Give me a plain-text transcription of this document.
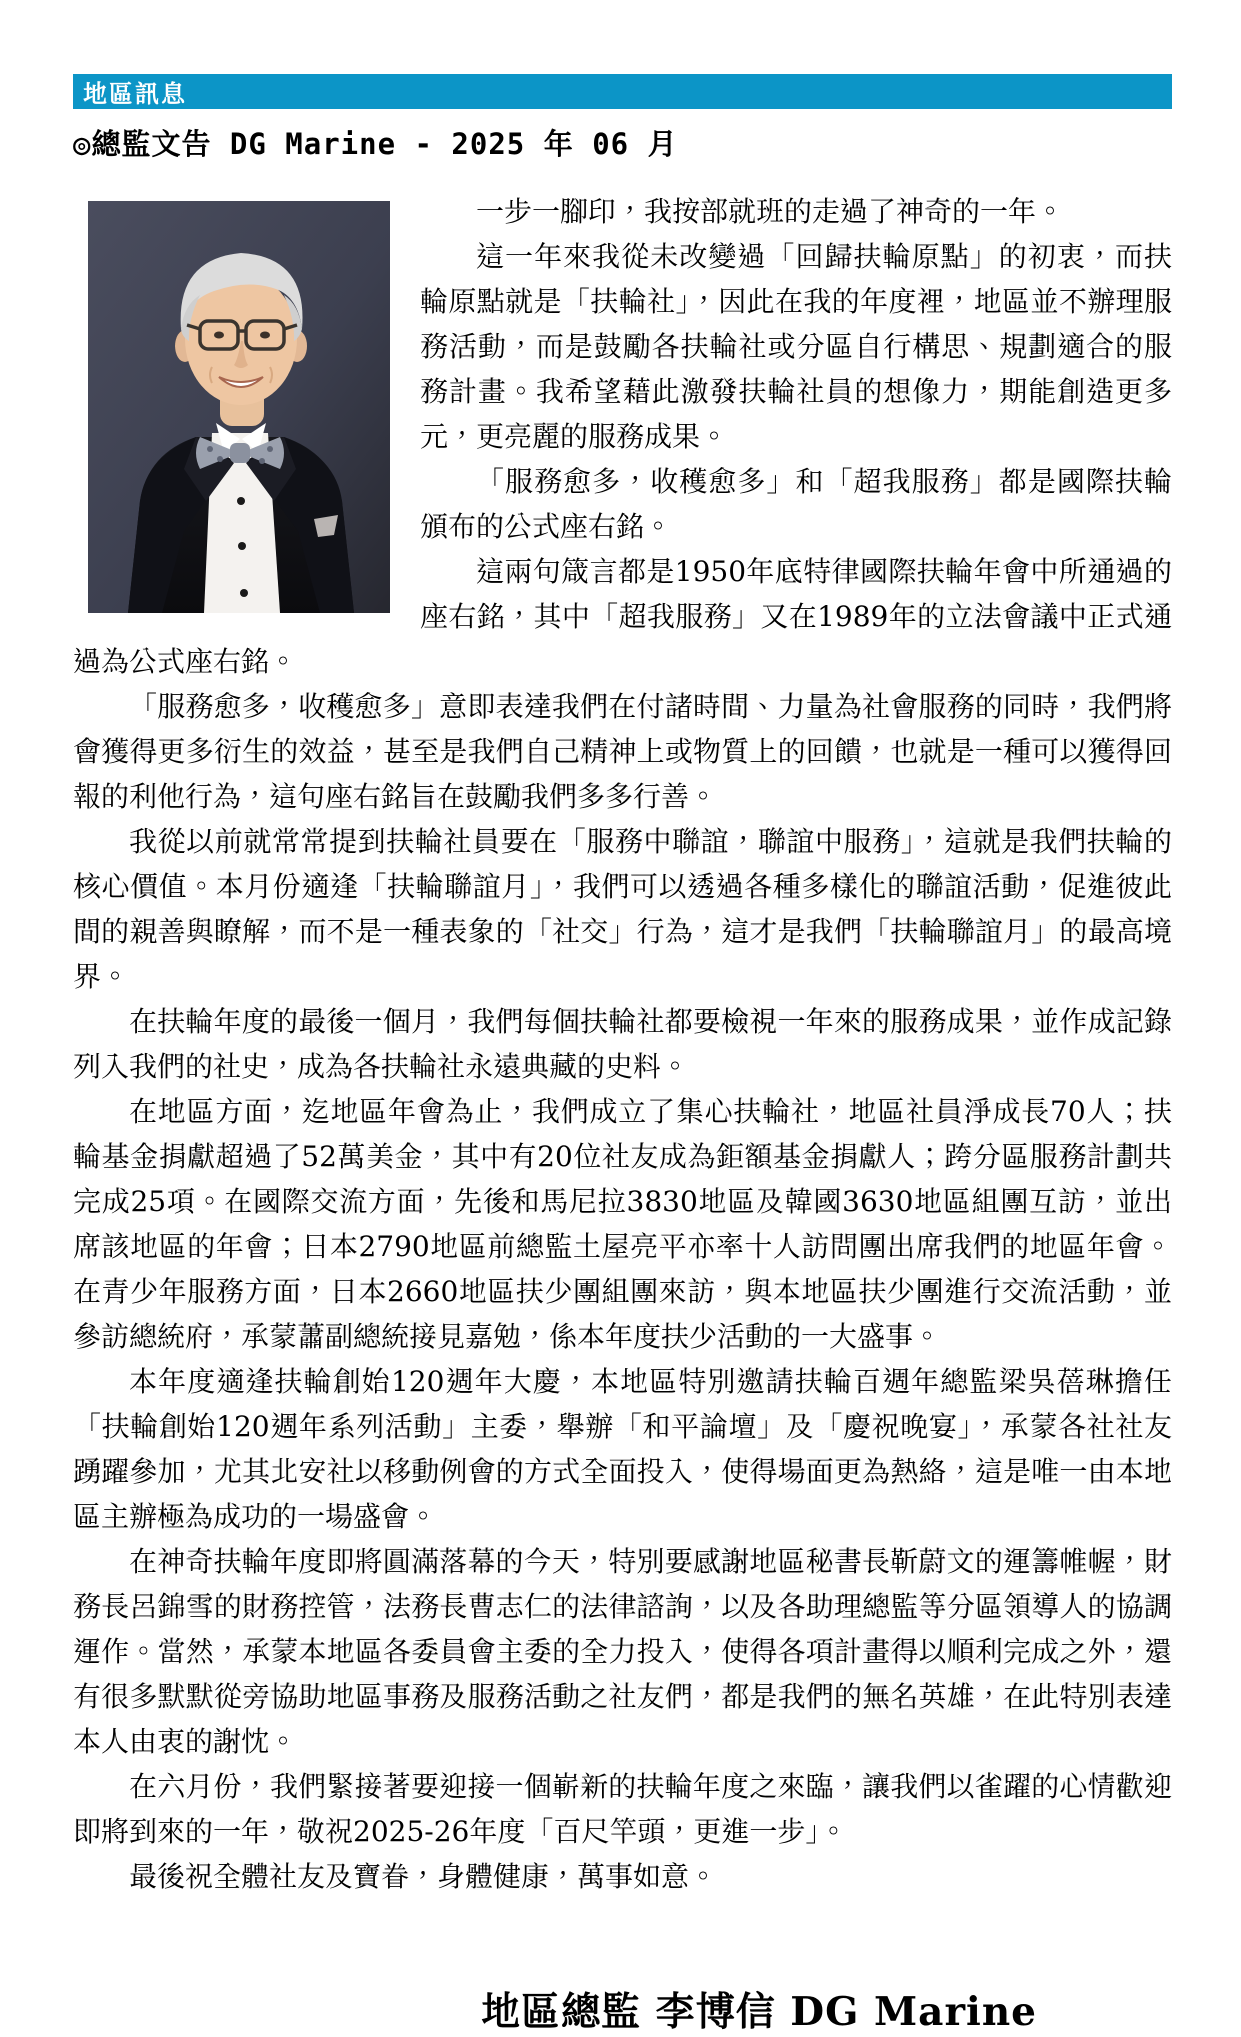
地區訊息
◎總監文告 DG Marine - 2025 年 06 月

一步一腳印，我按部就班的走過了神奇的一年。

這一年來我從未改變過「回歸扶輪原點」的初衷，而扶輪原點就是「扶輪社」，因此在我的年度裡，地區並不辦理服務活動，而是鼓勵各扶輪社或分區自行構思、規劃適合的服務計畫。我希望藉此激發扶輪社員的想像力，期能創造更多元，更亮麗的服務成果。

「服務愈多，收穫愈多」和「超我服務」都是國際扶輪頒布的公式座右銘。

這兩句箴言都是1950年底特律國際扶輪年會中所通過的座右銘，其中「超我服務」又在1989年的立法會議中正式通過為公式座右銘。

「服務愈多，收穫愈多」意即表達我們在付諸時間、力量為社會服務的同時，我們將會獲得更多衍生的效益，甚至是我們自己精神上或物質上的回饋，也就是一種可以獲得回報的利他行為，這句座右銘旨在鼓勵我們多多行善。

我從以前就常常提到扶輪社員要在「服務中聯誼，聯誼中服務」，這就是我們扶輪的核心價值。本月份適逢「扶輪聯誼月」，我們可以透過各種多樣化的聯誼活動，促進彼此間的親善與瞭解，而不是一種表象的「社交」行為，這才是我們「扶輪聯誼月」的最高境界。

在扶輪年度的最後一個月，我們每個扶輪社都要檢視一年來的服務成果，並作成記錄列入我們的社史，成為各扶輪社永遠典藏的史料。

在地區方面，迄地區年會為止，我們成立了集心扶輪社，地區社員淨成長70人；扶輪基金捐獻超過了52萬美金，其中有20位社友成為鉅額基金捐獻人；跨分區服務計劃共完成25項。在國際交流方面，先後和馬尼拉3830地區及韓國3630地區組團互訪，並出席該地區的年會；日本2790地區前總監土屋亮平亦率十人訪問團出席我們的地區年會。在青少年服務方面，日本2660地區扶少團組團來訪，與本地區扶少團進行交流活動，並參訪總統府，承蒙蕭副總統接見嘉勉，係本年度扶少活動的一大盛事。

本年度適逢扶輪創始120週年大慶，本地區特別邀請扶輪百週年總監梁吳蓓琳擔任「扶輪創始120週年系列活動」主委，舉辦「和平論壇」及「慶祝晚宴」，承蒙各社社友踴躍參加，尤其北安社以移動例會的方式全面投入，使得場面更為熱絡，這是唯一由本地區主辦極為成功的一場盛會。

在神奇扶輪年度即將圓滿落幕的今天，特別要感謝地區秘書長靳蔚文的運籌帷幄，財務長呂錦雪的財務控管，法務長曹志仁的法律諮詢，以及各助理總監等分區領導人的協調運作。當然，承蒙本地區各委員會主委的全力投入，使得各項計畫得以順利完成之外，還有很多默默從旁協助地區事務及服務活動之社友們，都是我們的無名英雄，在此特別表達本人由衷的謝忱。

在六月份，我們緊接著要迎接一個嶄新的扶輪年度之來臨，讓我們以雀躍的心情歡迎即將到來的一年，敬祝2025-26年度「百尺竿頭，更進一步」。

最後祝全體社友及寶眷，身體健康，萬事如意。

地區總監 李博信 DG Marine
